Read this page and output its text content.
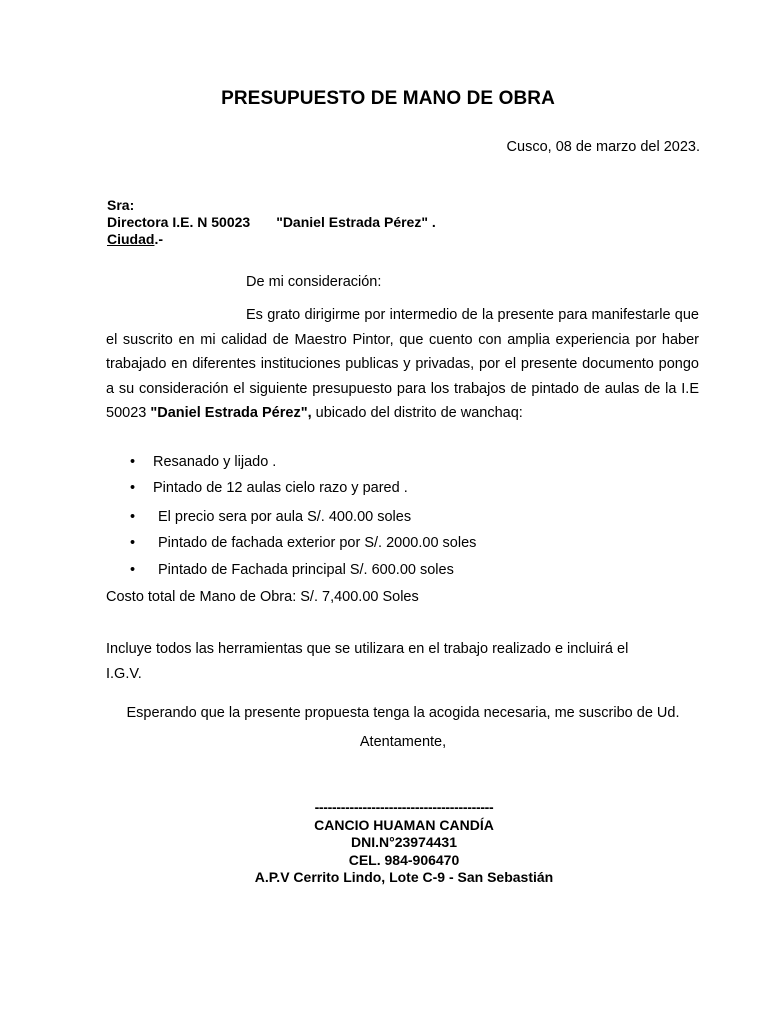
PRESUPUESTO DE MANO DE OBRA
Cusco, 08 de marzo del 2023.
Sra:
Directora I.E. N 50023 "Daniel Estrada Pérez" .
Ciudad.-
De mi consideración:
Es grato dirigirme por intermedio de la presente para manifestarle que el suscrito en mi calidad de Maestro Pintor, que cuento con amplia experiencia por haber trabajado en diferentes instituciones publicas y privadas, por el presente documento pongo a su consideración el siguiente presupuesto para los trabajos de pintado de aulas de la I.E 50023 "Daniel Estrada Pérez", ubicado del distrito de wanchaq:
• Resanado y lijado .
• Pintado de 12 aulas cielo razo y pared .
• El precio sera por aula S/. 400.00 soles
• Pintado de fachada exterior por S/. 2000.00 soles
• Pintado de Fachada principal S/. 600.00 soles
Costo total de Mano de Obra: S/. 7,400.00 Soles
Incluye todos las herramientas que se utilizara en el trabajo realizado e incluirá el I.G.V.
Esperando que la presente propuesta tenga la acogida necesaria, me suscribo de Ud.
Atentamente,
-----------------------------------------
CANCIO HUAMAN CANDÍA
DNI.N°23974431
CEL. 984-906470
A.P.V Cerrito Lindo, Lote C-9 - San Sebastián
